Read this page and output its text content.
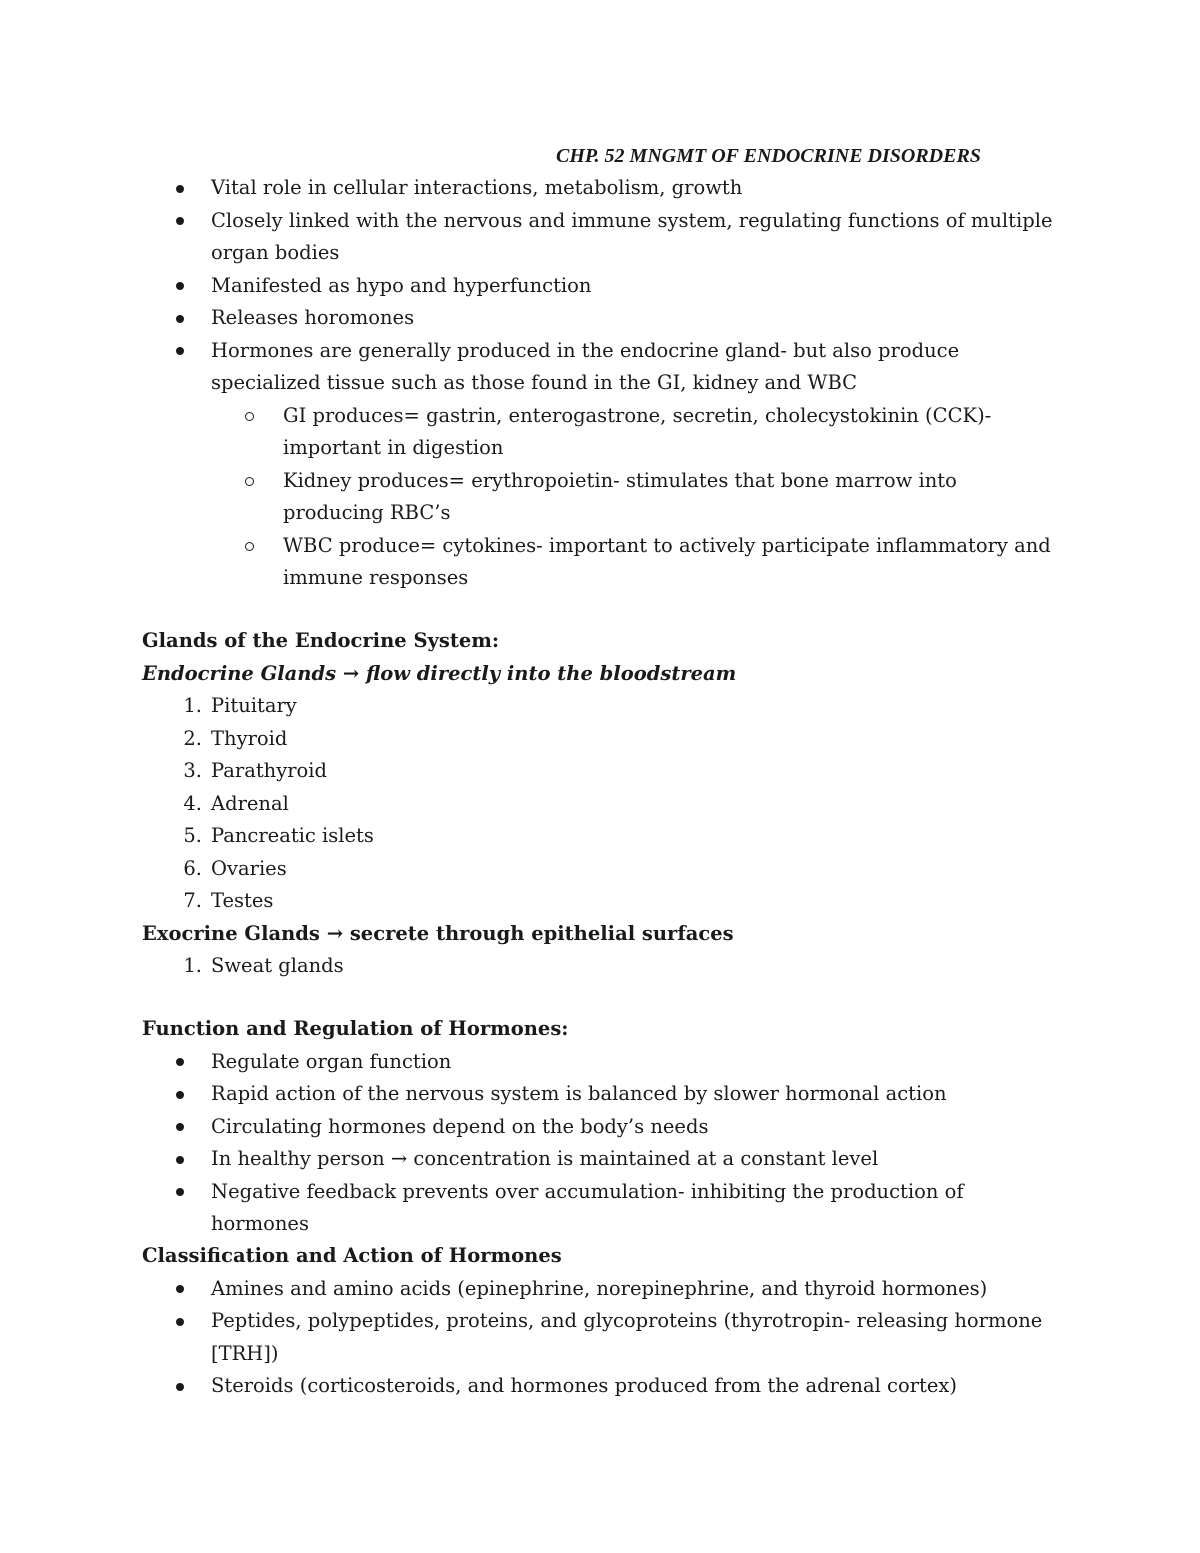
CHP. 52 MNGMT OF ENDOCRINE DISORDERS

Vital role in cellular interactions, metabolism, growth
Closely linked with the nervous and immune system, regulating functions of multiple organ bodies
Manifested as hypo and hyperfunction
Releases horomones
Hormones are generally produced in the endocrine gland- but also produce specialized tissue such as those found in the GI, kidney and WBC
GI produces= gastrin, enterogastrone, secretin, cholecystokinin (CCK)- important in digestion
Kidney produces= erythropoietin- stimulates that bone marrow into producing RBC’s
WBC produce= cytokines- important to actively participate inflammatory and immune responses
Glands of the Endocrine System:
Endocrine Glands → flow directly into the bloodstream
1. Pituitary
2. Thyroid
3. Parathyroid
4. Adrenal
5. Pancreatic islets
6. Ovaries
7. Testes
Exocrine Glands → secrete through epithelial surfaces
1. Sweat glands
Function and Regulation of Hormones:
Regulate organ function
Rapid action of the nervous system is balanced by slower hormonal action
Circulating hormones depend on the body’s needs
In healthy person → concentration is maintained at a constant level
Negative feedback prevents over accumulation- inhibiting the production of hormones
Classification and Action of Hormones
Amines and amino acids (epinephrine, norepinephrine, and thyroid hormones)
Peptides, polypeptides, proteins, and glycoproteins (thyrotropin- releasing hormone [TRH])
Steroids (corticosteroids, and hormones produced from the adrenal cortex)
